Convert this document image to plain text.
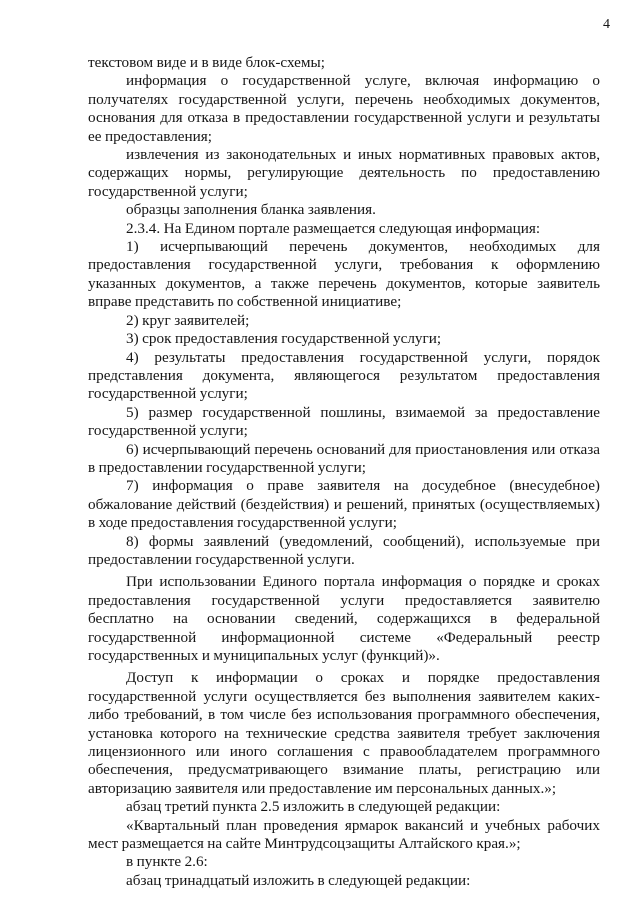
4

текстовом виде и в виде блок-схемы;

информация о государственной услуге, включая информацию о получателях государственной услуги, перечень необходимых документов, основания для отказа в предоставлении государственной услуги и результаты ее предоставления;

извлечения из законодательных и иных нормативных правовых актов, содержащих нормы, регулирующие деятельность по предоставлению государственной услуги;

образцы заполнения бланка заявления.

2.3.4. На Едином портале размещается следующая информация:

1) исчерпывающий перечень документов, необходимых для предоставления государственной услуги, требования к оформлению указанных документов, а также перечень документов, которые заявитель вправе представить по собственной инициативе;

2) круг заявителей;

3) срок предоставления государственной услуги;

4) результаты предоставления государственной услуги, порядок представления документа, являющегося результатом предоставления государственной услуги;

5) размер государственной пошлины, взимаемой за предоставление государственной услуги;

6) исчерпывающий перечень оснований для приостановления или отказа в предоставлении государственной услуги;

7) информация о праве заявителя на досудебное (внесудебное) обжалование действий (бездействия) и решений, принятых (осуществляемых) в ходе предоставления государственной услуги;

8) формы заявлений (уведомлений, сообщений), используемые при предоставлении государственной услуги.

При использовании Единого портала информация о порядке и сроках предоставления государственной услуги предоставляется заявителю бесплатно на основании сведений, содержащихся в федеральной государственной информационной системе «Федеральный реестр государственных и муниципальных услуг (функций)».

Доступ к информации о сроках и порядке предоставления государственной услуги осуществляется без выполнения заявителем каких-либо требований, в том числе без использования программного обеспечения, установка которого на технические средства заявителя требует заключения лицензионного или иного соглашения с правообладателем программного обеспечения, предусматривающего взимание платы, регистрацию или авторизацию заявителя или предоставление им персональных данных.»;

абзац третий пункта 2.5 изложить в следующей редакции:

«Квартальный план проведения ярмарок вакансий и учебных рабочих мест размещается на сайте Минтрудсоцзащиты Алтайского края.»;

в пункте 2.6:

абзац тринадцатый изложить в следующей редакции:
